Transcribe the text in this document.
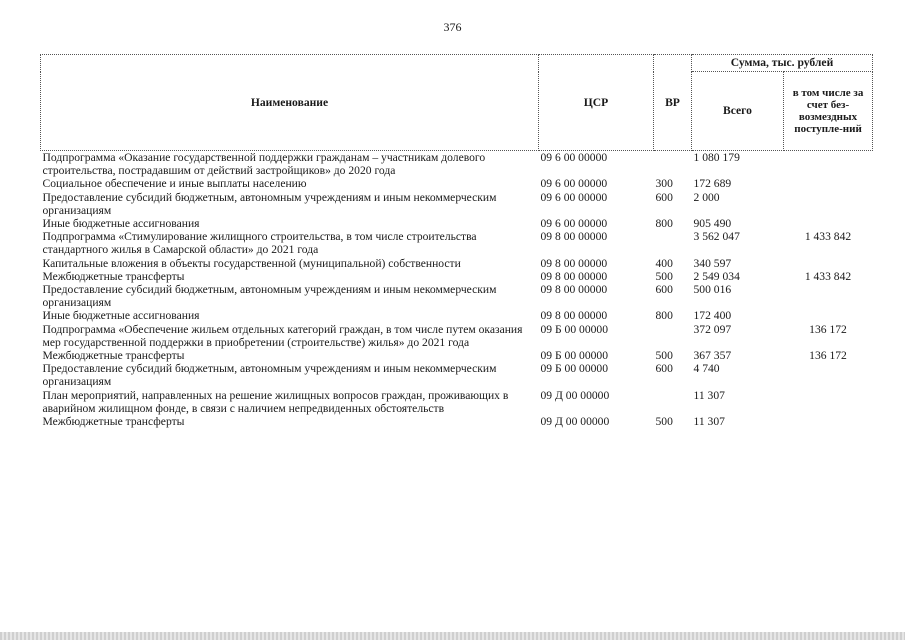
376
Наименование	ЦСР	ВР	Сумма, тыс. рублей	
			Всего	в том числе за счет без-возмездных поступле-ний
Подпрограмма «Оказание государственной поддержки гражданам – участникам долевого строительства, пострадавшим от действий застройщиков» до 2020 года	09 6 00 00000		1 080 179	
Социальное обеспечение и иные выплаты населению	09 6 00 00000	300	172 689	
Предоставление субсидий бюджетным, автономным учреждениям и иным некоммерческим организациям	09 6 00 00000	600	2 000	
Иные бюджетные ассигнования	09 6 00 00000	800	905 490	
Подпрограмма «Стимулирование жилищного строительства, в том числе строительства стандартного жилья в Самарской области» до 2021 года	09 8 00 00000		3 562 047	1 433 842
Капитальные вложения в объекты государственной (муниципальной) собственности	09 8 00 00000	400	340 597	
Межбюджетные трансферты	09 8 00 00000	500	2 549 034	1 433 842
Предоставление субсидий бюджетным, автономным учреждениям и иным некоммерческим организациям	09 8 00 00000	600	500 016	
Иные бюджетные ассигнования	09 8 00 00000	800	172 400	
Подпрограмма «Обеспечение жильем отдельных категорий граждан, в том числе путем оказания мер государственной поддержки в приобретении (строительстве) жилья» до 2021 года	09 Б 00 00000		372 097	136 172
Межбюджетные трансферты	09 Б 00 00000	500	367 357	136 172
Предоставление субсидий бюджетным, автономным учреждениям и иным некоммерческим организациям	09 Б 00 00000	600	4 740	
План мероприятий, направленных на решение жилищных вопросов граждан, проживающих в аварийном жилищном фонде, в связи с наличием непредвиденных обстоятельств	09 Д 00 00000		11 307	
Межбюджетные трансферты	09 Д 00 00000	500	11 307	
